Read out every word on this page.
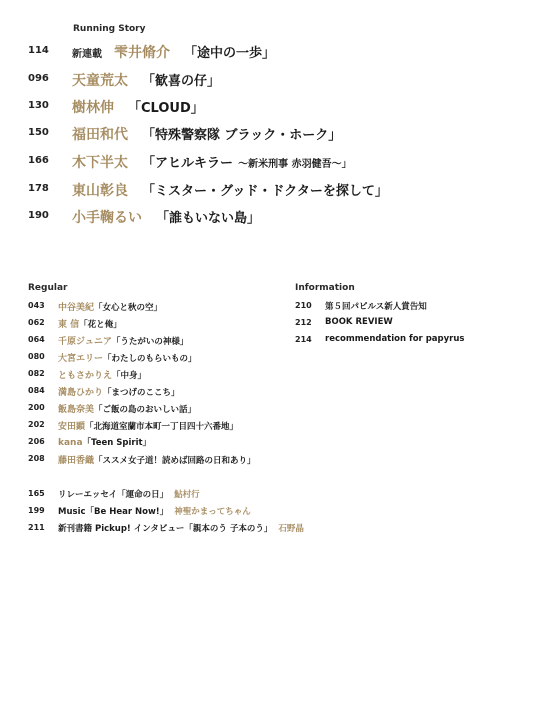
Running Story
114	新連載 雫井脩介 「途中の一歩」
096	天童荒太 「歓喜の仔」
130	樹林伸 「CLOUD」
150	福田和代 「特殊警察隊 ブラック・ホーク」
166	木下半太 「アヒルキラー 〜新米刑事 赤羽健吾〜」
178	東山彰良 「ミスター・グッド・ドクターを探して」
190	小手鞠るい 「誰もいない島」
Regular
043	中谷美紀「女心と秋の空」
062	東 信「花と俺」
064	千原ジュニア「うたがいの神様」
080	大宮エリー「わたしのもらいもの」
082	ともさかりえ「中身」
084	満島ひかり「まつげのここち」
200	飯島奈美「ご飯の島のおいしい話」
202	安田顕「北海道室蘭市本町一丁目四十六番地」
206	kana「Teen Spirit」
208	藤田香織「ススメ女子道！読めば回路の日和あり」
Information
210	第５回パピルス新人賞告知
212	BOOK REVIEW
214	recommendation for papyrus
165	リレーエッセイ「運命の日」 鮎村行
199	Music「Be Hear Now!」 神聖かまってちゃん
211	新刊書籍 Pickup! インタビュー「親本のう 子本のう」 石野晶
